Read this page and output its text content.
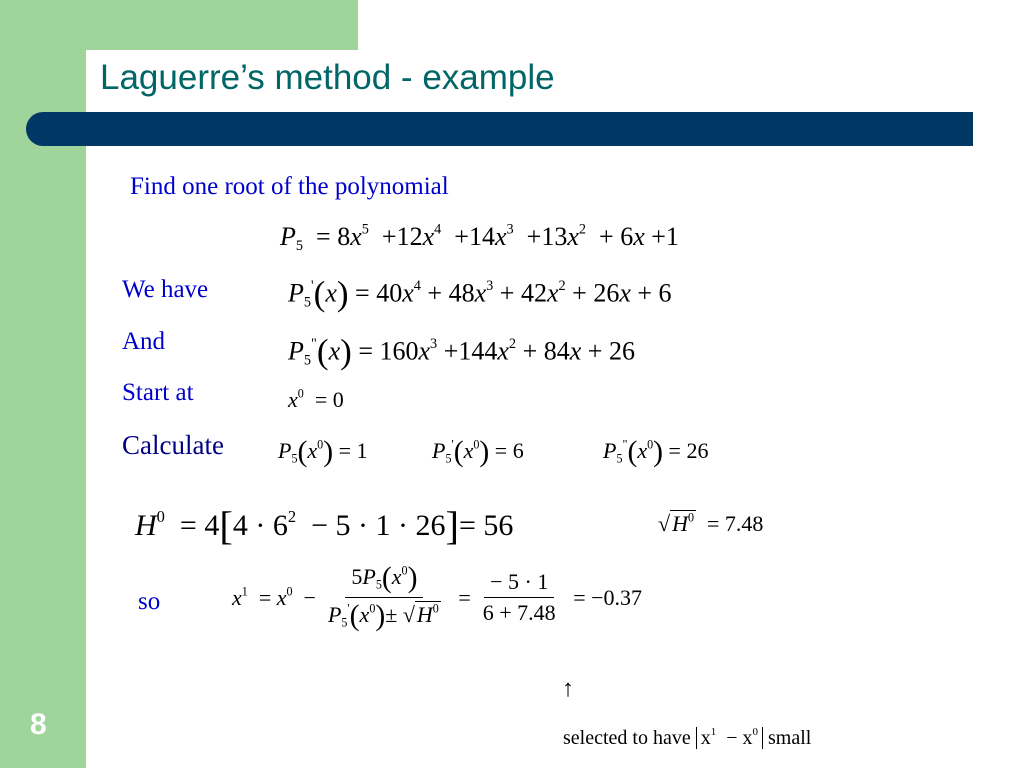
Laguerre’s method - example
8
Find one root of the polynomial
$P_5 = 8x^5 +12x^4 +14x^3 +13x^2 + 6x +1$
We have	$P_5'(x) = 40x^4 + 48x^3 + 42x^2 + 26x + 6$
And	$P_5^"(x) = 160x^3 +144x^2 + 84x + 26$
Start at	$x^0 = 0$
Calculate $P_5(x^0) = 1$	$P_5'(x^0) = 6$	$P_5^"(x^0) = 26$
$H^0 = 4[4 \cdot 6^2 - 5 \cdot 1 \cdot 26]= 56$	$√H^0 = 7.48$
so	$x^1 = x^0 - \frac{5P_5(x^0)}{P_5'(x^0)\pm √H^0} = \frac{- 5 \cdot 1}{6 + 7.48} = -0.37$
↑
selected to have $x^1 - x^0$ small
